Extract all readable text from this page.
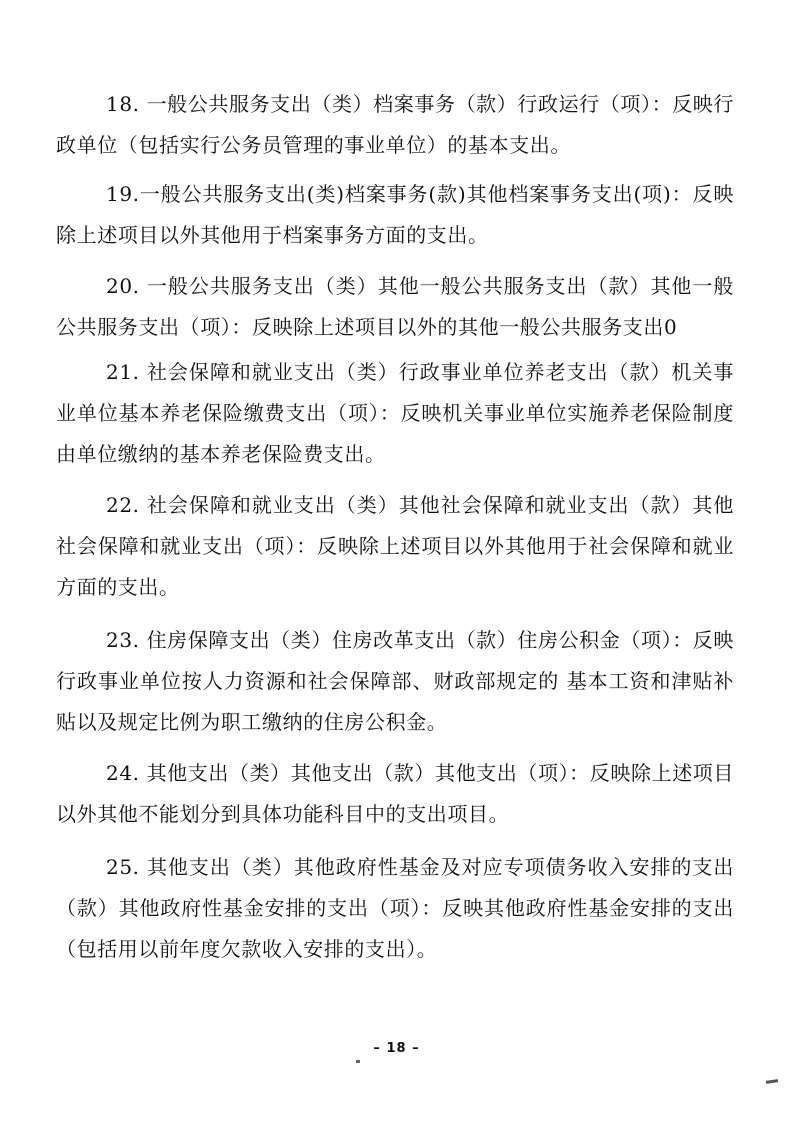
18. 一般公共服务支出（类）档案事务（款）行政运行（项）：反映行政单位（包括实行公务员管理的事业单位）的基本支出。

19.一般公共服务支出(类)档案事务(款)其他档案事务支出(项)：反映除上述项目以外其他用于档案事务方面的支出。

20. 一般公共服务支出（类）其他一般公共服务支出（款）其他一般公共服务支出（项）：反映除上述项目以外的其他一般公共服务支出0

21. 社会保障和就业支出（类）行政事业单位养老支出（款）机关事业单位基本养老保险缴费支出（项）：反映机关事业单位实施养老保险制度由单位缴纳的基本养老保险费支出。

22. 社会保障和就业支出（类）其他社会保障和就业支出（款）其他社会保障和就业支出（项）：反映除上述项目以外其他用于社会保障和就业方面的支出。

23. 住房保障支出（类）住房改革支出（款）住房公积金（项）：反映行政事业单位按人力资源和社会保障部、财政部规定的 基本工资和津贴补贴以及规定比例为职工缴纳的住房公积金。

24. 其他支出（类）其他支出（款）其他支出（项）：反映除上述项目以外其他不能划分到具体功能科目中的支出项目。

25. 其他支出（类）其他政府性基金及对应专项债务收入安排的支出（款）其他政府性基金安排的支出（项）：反映其他政府性基金安排的支出（包括用以前年度欠款收入安排的支出）。

– 18 –
